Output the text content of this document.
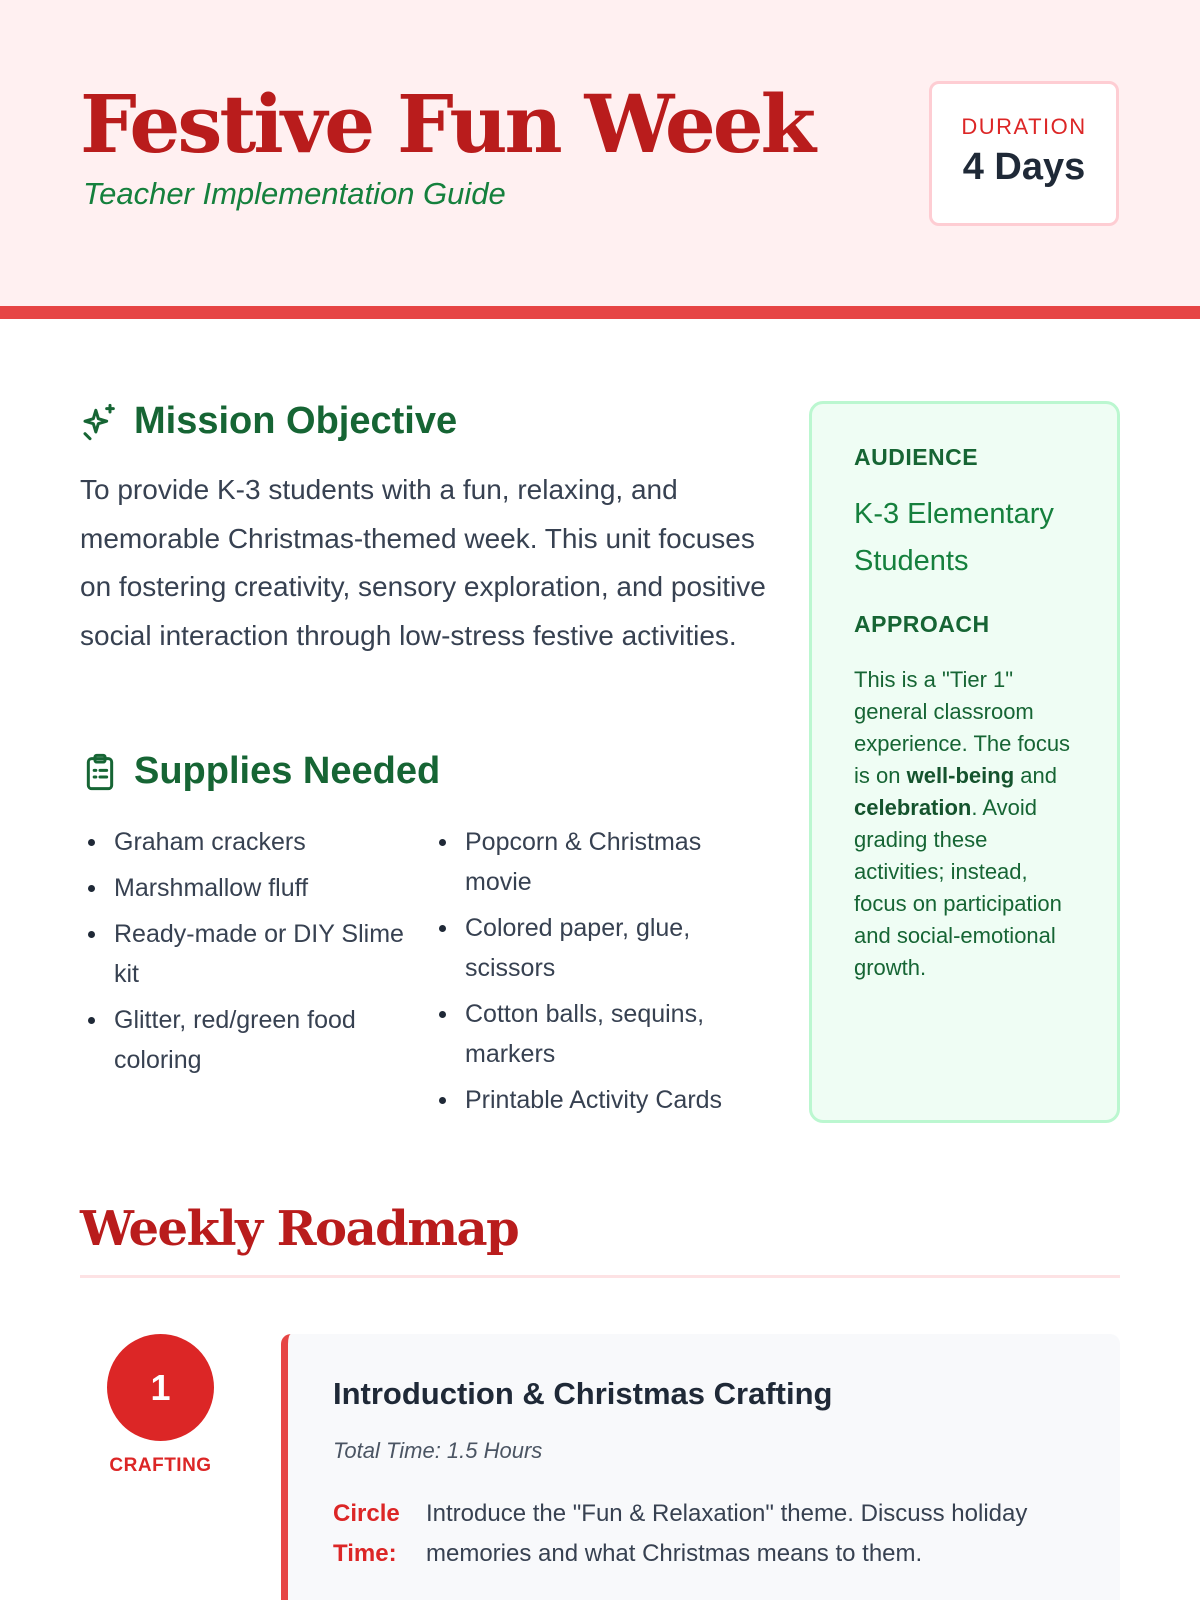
Festive Fun Week
Teacher Implementation Guide
DURATION
4 Days
Mission Objective

To provide K-3 students with a fun, relaxing, and memorable Christmas-themed week. This unit focuses on fostering creativity, sensory exploration, and positive social interaction through low-stress festive activities.

Supplies Needed
Graham crackers
Marshmallow fluff
Ready-made or DIY Slime kit
Glitter, red/green food coloring
Popcorn & Christmas movie
Colored paper, glue, scissors
Cotton balls, sequins, markers
Printable Activity Cards
AUDIENCE
K-3 Elementary Students
APPROACH

This is a "Tier 1" general classroom experience. The focus is on well-being and celebration. Avoid grading these activities; instead, focus on participation and social-emotional growth.

Weekly Roadmap
1
CRAFTING
Introduction & Christmas Crafting
Total Time: 1.5 Hours
Circle Time:
Introduce the "Fun & Relaxation" theme. Discuss holiday memories and what Christmas means to them.
